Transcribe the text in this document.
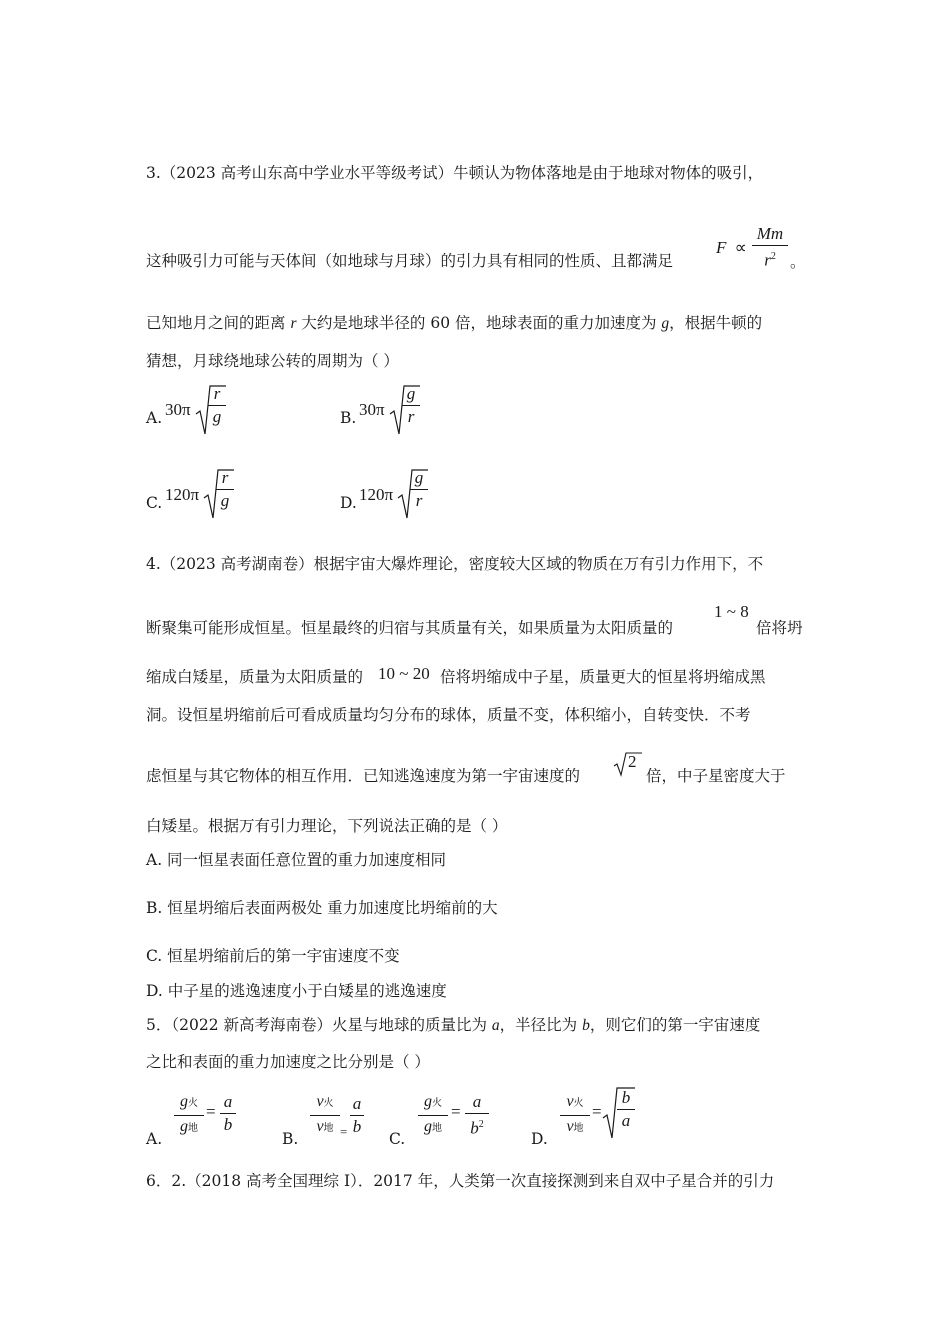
3.（2023 高考山东高中学业水平等级考试）牛顿认为物体落地是由于地球对物体的吸引，
这种吸引力可能与天体间（如地球与月球）的引力具有相同的性质、且都满足
F ∝
Mm
$r^2$ 。
已知地月之间的距离 r 大约是地球半径的 60 倍，地球表面的重力加速度为 g，根据牛顿的
猜想，月球绕地球公转的周期为（ ）
A. 30π
r
g	B. 30π
g
r
C. 120π
r
g	D. 120π
g
r
4.（2023 高考湖南卷）根据宇宙大爆炸理论，密度较大区域的物质在万有引力作用下，不
断聚集可能形成恒星。恒星最终的归宿与其质量有关，如果质量为太阳质量的
1 ~ 8
倍将坍
缩成白矮星，质量为太阳质量的 10 ~ 20 倍将坍缩成中子星，质量更大的恒星将坍缩成黑
洞。设恒星坍缩前后可看成质量均匀分布的球体，质量不变，体积缩小，自转变快．不考
虑恒星与其它物体的相互作用．已知逃逸速度为第一宇宙速度的
2
倍，中子星密度大于
白矮星。根据万有引力理论，下列说法正确的是（ ）
A. 同一恒星表面任意位置的重力加速度相同
B. 恒星坍缩后表面两极处 重力加速度比坍缩前的大
C. 恒星坍缩前后的第一宇宙速度不变
D. 中子星的逃逸速度小于白矮星的逃逸速度
5．（2022 新高考海南卷）火星与地球的质量比为 a，半径比为 b，则它们的第一宇宙速度
之比和表面的重力加速度之比分别是（ ）
A.
g火
g地
=
a
b
B.
v火
v地 =
a
b
C.
g火
g地
=
a
$b^2$
D.
v火
v地
=
b
a
6．2.（2018 高考全国理综 I）．2017 年，人类第一次直接探测到来自双中子星合并的引力
